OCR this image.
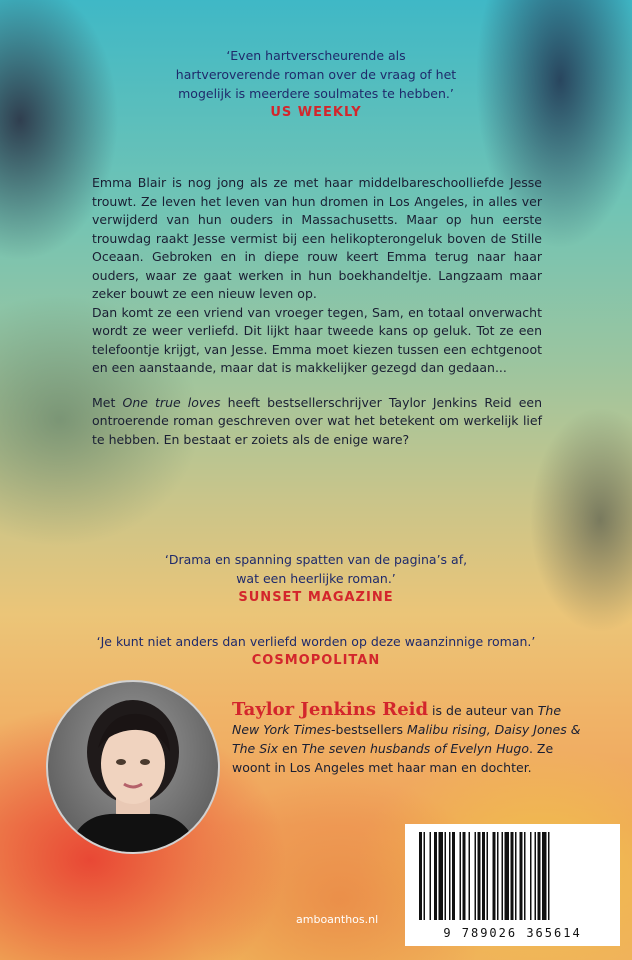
‘Even hartverscheurende als
hartveroverende roman over de vraag of het
mogelijk is meerdere soulmates te hebben.’
US WEEKLY

Emma Blair is nog jong als ze met haar middelbareschoolliefde Jesse trouwt. Ze leven het leven van hun dromen in Los Angeles, in alles ver verwijderd van hun ouders in Massachusetts. Maar op hun eerste trouwdag raakt Jesse vermist bij een helikopterongeluk boven de Stille Oceaan. Gebroken en in diepe rouw keert Emma terug naar haar ouders, waar ze gaat werken in hun boekhandeltje. Langzaam maar zeker bouwt ze een nieuw leven op.

Dan komt ze een vriend van vroeger tegen, Sam, en totaal onverwacht wordt ze weer verliefd. Dit lijkt haar tweede kans op geluk. Tot ze een telefoontje krijgt, van Jesse. Emma moet kiezen tussen een echtgenoot en een aanstaande, maar dat is makkelijker gezegd dan gedaan...

Met One true loves heeft bestsellerschrijver Taylor Jenkins Reid een ontroerende roman geschreven over wat het betekent om werkelijk lief te hebben. En bestaat er zoiets als de enige ware?

‘Drama en spanning spatten van de pagina’s af,
wat een heerlijke roman.’
SUNSET MAGAZINE
‘Je kunt niet anders dan verliefd worden op deze waanzinnige roman.’
COSMOPOLITAN
Taylor Jenkins Reid is de auteur van The New York Times-bestsellers Malibu rising, Daisy Jones & The Six en The seven husbands of Evelyn Hugo. Ze woont in Los Angeles met haar man en dochter.
9 789026 365614
amboanthos.nl
